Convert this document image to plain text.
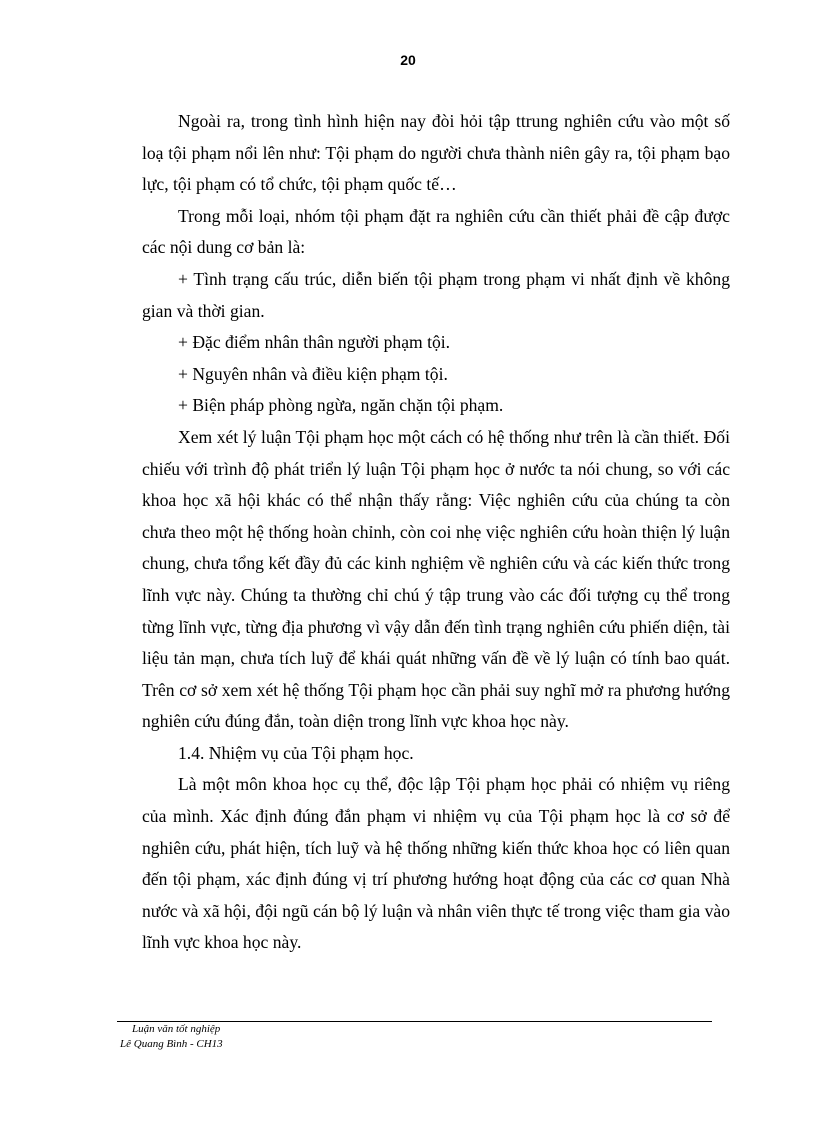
20

Ngoài ra, trong tình hình hiện nay đòi hỏi tập ttrung nghiên cứu vào một số loạ tội phạm nổi lên như: Tội phạm do người chưa thành niên gây ra, tội phạm bạo lực, tội phạm có tổ chức, tội phạm quốc tế…

Trong mỗi loại, nhóm tội phạm đặt ra nghiên cứu cần thiết phải đề cập được các nội dung cơ bản là:

+ Tình trạng cấu trúc, diễn biến tội phạm trong phạm vi nhất định về không gian và thời gian.

+ Đặc điểm nhân thân người phạm tội.

+ Nguyên nhân và điều kiện phạm tội.

+ Biện pháp phòng ngừa, ngăn chặn tội phạm.

Xem xét lý luận Tội phạm học một cách có hệ thống như trên là cần thiết. Đối chiếu với trình độ phát triển lý luận Tội phạm học ở nước ta nói chung, so với các khoa học xã hội khác có thể nhận thấy rằng: Việc nghiên cứu của chúng ta còn chưa theo một hệ thống hoàn chỉnh, còn coi nhẹ việc nghiên cứu hoàn thiện lý luận chung, chưa tổng kết đầy đủ các kinh nghiệm về nghiên cứu và các kiến thức trong lĩnh vực này. Chúng ta thường chỉ chú ý tập trung vào các đối tượng cụ thể trong từng lĩnh vực, từng địa phương vì vậy dẫn đến tình trạng nghiên cứu phiến diện, tài liệu tản mạn, chưa tích luỹ để khái quát những vấn đề về lý luận có tính bao quát. Trên cơ sở xem xét hệ thống Tội phạm học cần phải suy nghĩ mở ra phương hướng nghiên cứu đúng đắn, toàn diện trong lĩnh vực khoa học này.

1.4. Nhiệm vụ của Tội phạm học.

Là một môn khoa học cụ thể, độc lập Tội phạm học phải có nhiệm vụ riêng của mình. Xác định đúng đắn phạm vi nhiệm vụ của Tội phạm học là cơ sở để nghiên cứu, phát hiện, tích luỹ và hệ thống những kiến thức khoa học có liên quan đến tội phạm, xác định đúng vị trí phương hướng hoạt động của các cơ quan Nhà nước và xã hội, đội ngũ cán bộ lý luận và nhân viên thực tế trong việc tham gia vào lĩnh vực khoa học này.

Luận văn tốt nghiệp
Lê Quang Bình - CH13
